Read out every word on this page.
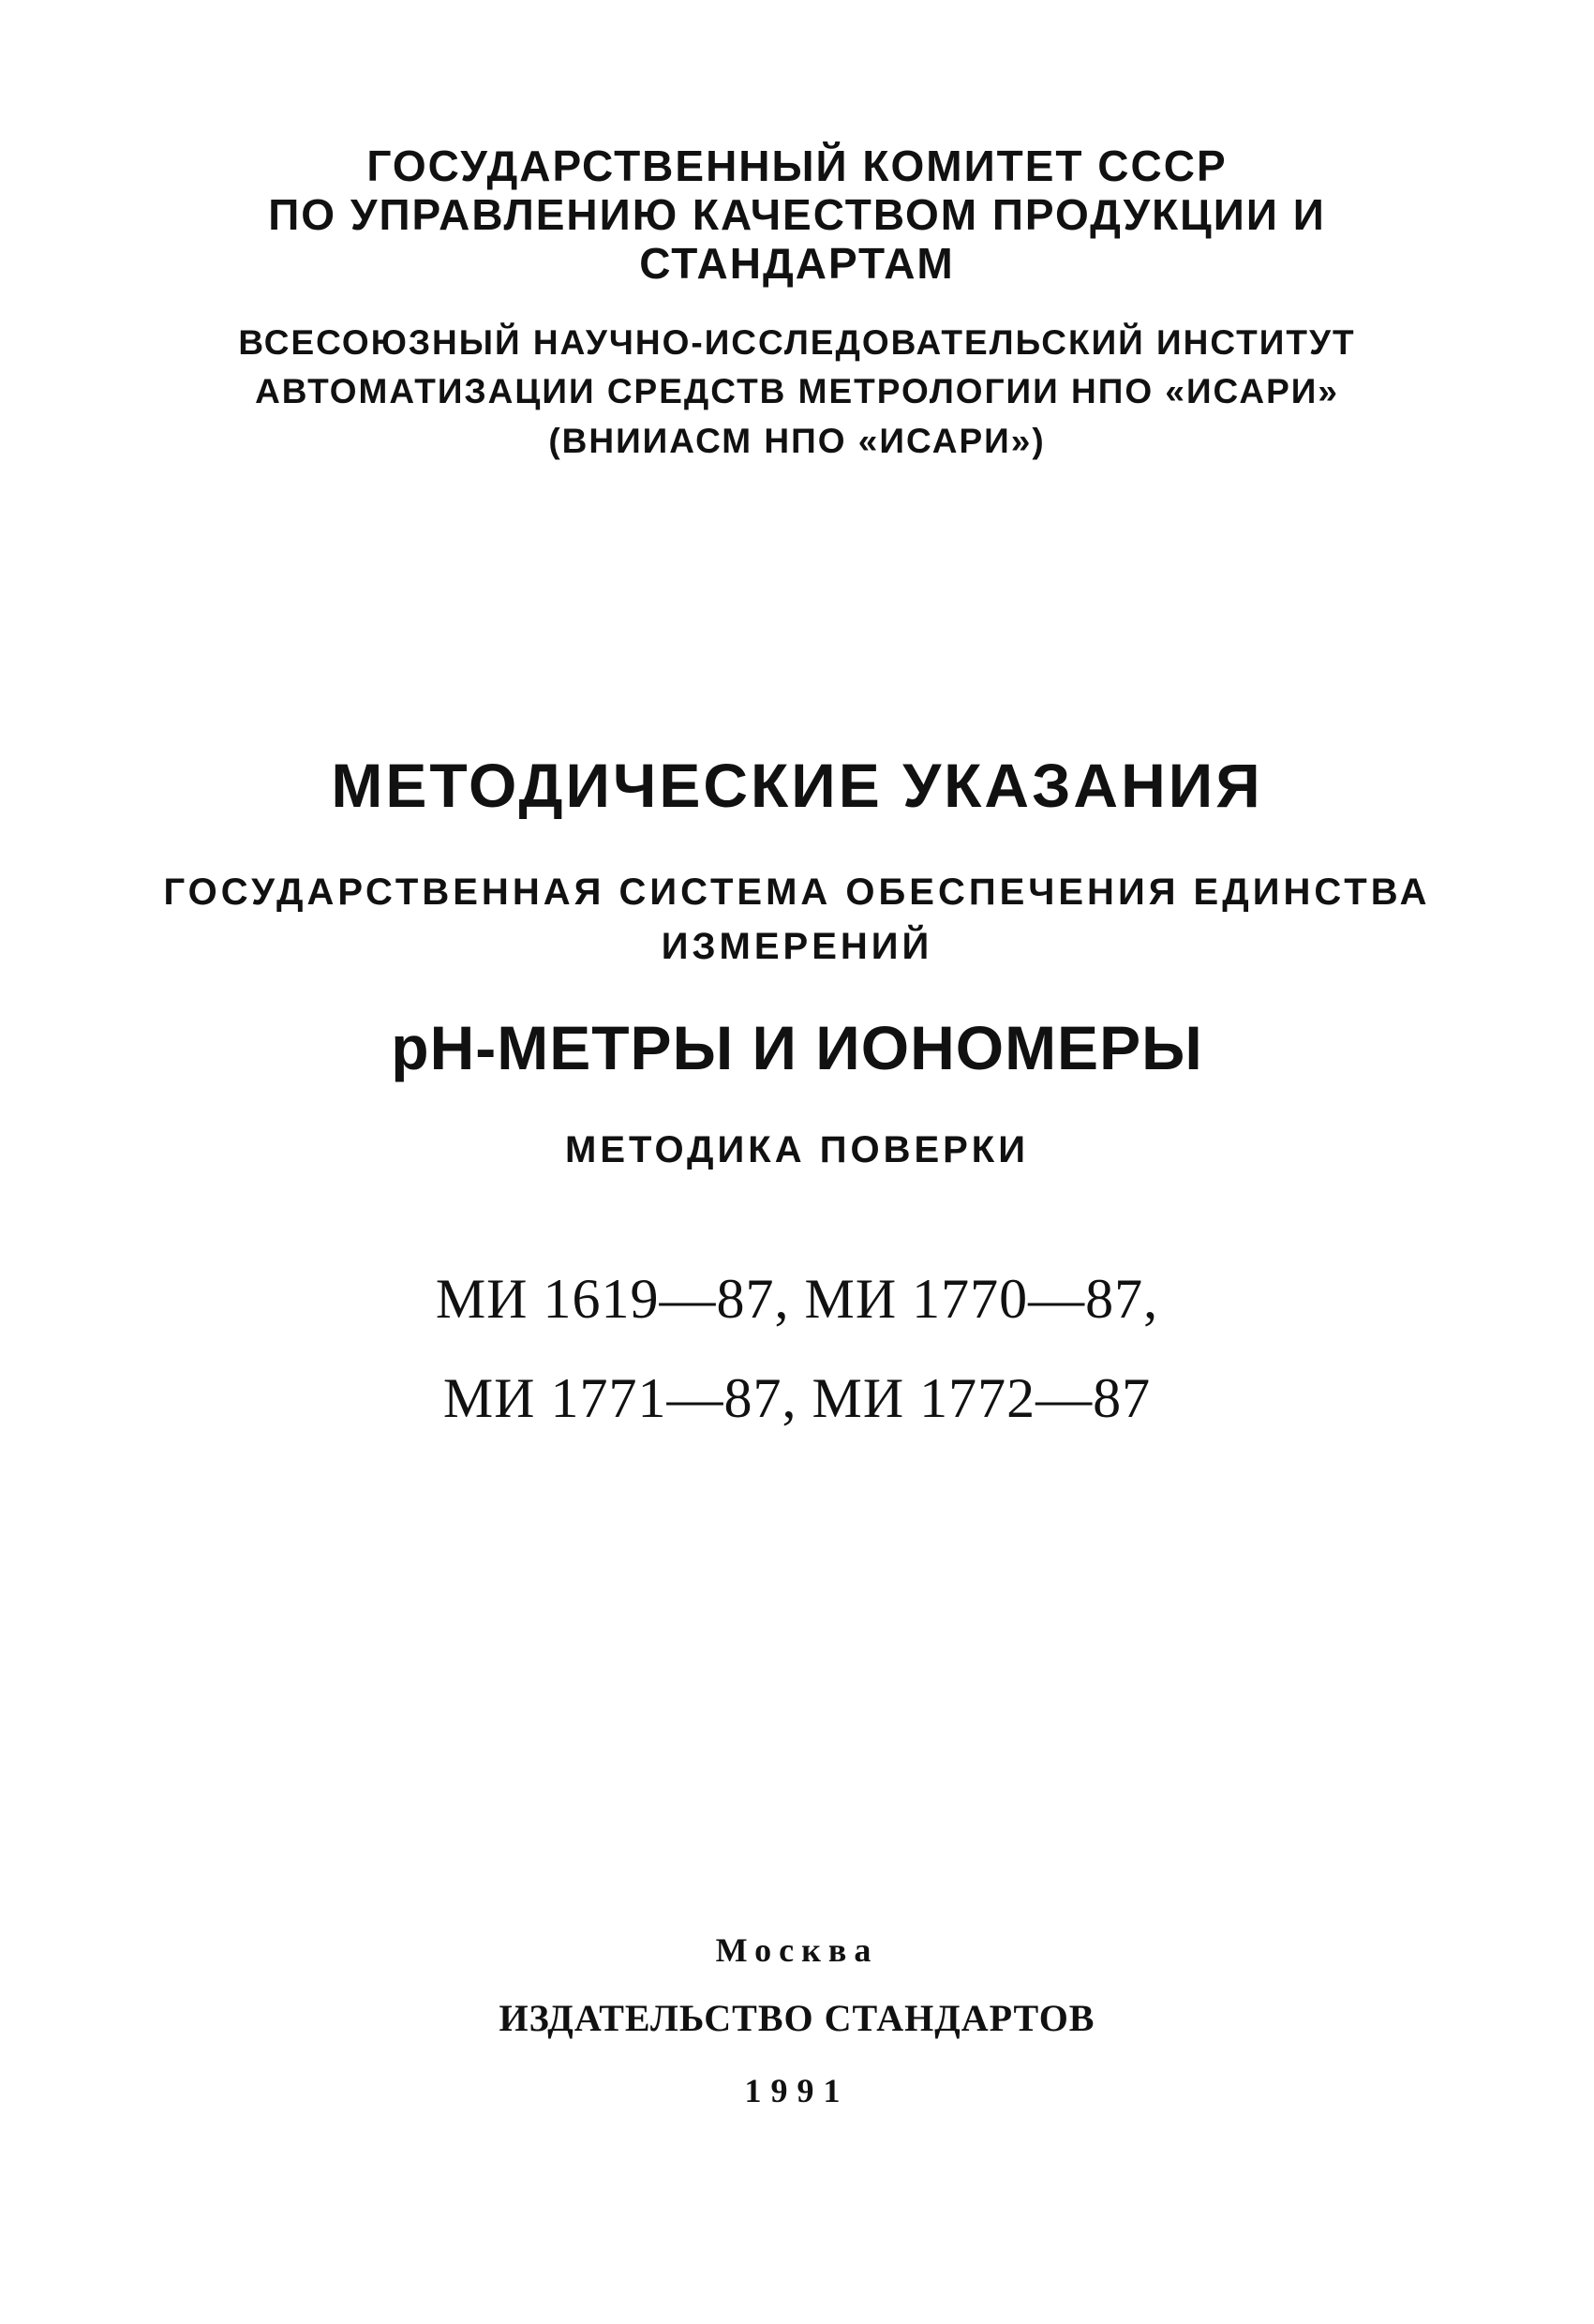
ГОСУДАРСТВЕННЫЙ КОМИТЕТ СССР

ПО УПРАВЛЕНИЮ КАЧЕСТВОМ ПРОДУКЦИИ И

СТАНДАРТАМ

ВСЕСОЮЗНЫЙ НАУЧНО-ИССЛЕДОВАТЕЛЬСКИЙ ИНСТИТУТ

АВТОМАТИЗАЦИИ СРЕДСТВ МЕТРОЛОГИИ НПО «ИСАРИ»

(ВНИИАСМ НПО «ИСАРИ»)

МЕТОДИЧЕСКИЕ УКАЗАНИЯ

ГОСУДАРСТВЕННАЯ СИСТЕМА ОБЕСПЕЧЕНИЯ ЕДИНСТВА

ИЗМЕРЕНИЙ

рН-МЕТРЫ И ИОНОМЕРЫ

МЕТОДИКА ПОВЕРКИ

МИ 1619—87, МИ 1770—87,

МИ 1771—87, МИ 1772—87

Москва

ИЗДАТЕЛЬСТВО СТАНДАРТОВ

1991
